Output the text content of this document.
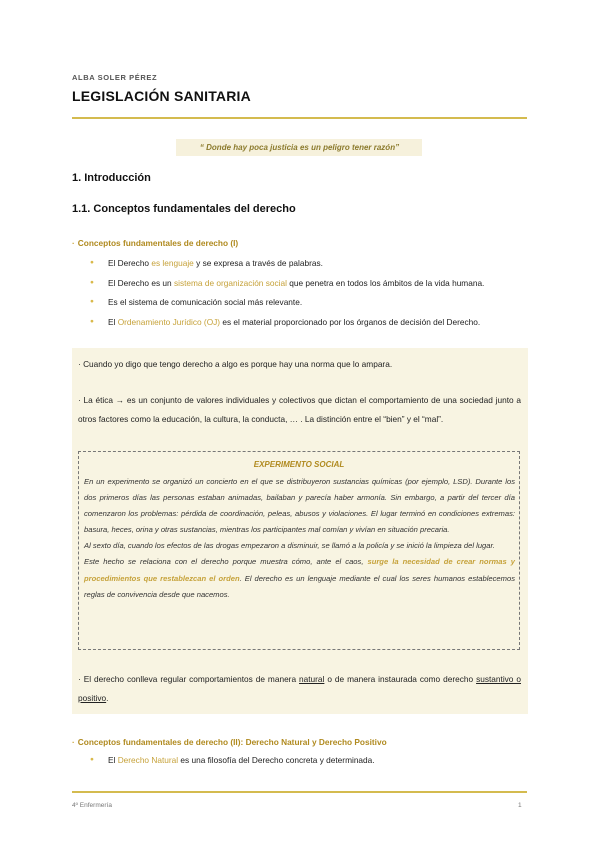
ALBA SOLER PÉREZ
LEGISLACIÓN SANITARIA
“ Donde hay poca justicia es un peligro tener razón”
1. Introducción
1.1. Conceptos fundamentales del derecho
· Conceptos fundamentales de derecho (I)
● El Derecho es lenguaje y se expresa a través de palabras.
● El Derecho es un sistema de organización social que penetra en todos los ámbitos de la vida humana.
● Es el sistema de comunicación social más relevante.
● El Ordenamiento Jurídico (OJ) es el material proporcionado por los órganos de decisión del Derecho.
· Cuando yo digo que tengo derecho a algo es porque hay una norma que lo ampara.
· La ética → es un conjunto de valores individuales y colectivos que dictan el comportamiento de una sociedad junto a otros factores como la educación, la cultura, la conducta, … . La distinción entre el “bien” y el “mal”.
EXPERIMENTO SOCIAL

En un experimento se organizó un concierto en el que se distribuyeron sustancias químicas (por ejemplo, LSD). Durante los dos primeros días las personas estaban animadas, bailaban y parecía haber armonía. Sin embargo, a partir del tercer día comenzaron los problemas: pérdida de coordinación, peleas, abusos y violaciones. El lugar terminó en condiciones extremas: basura, heces, orina y otras sustancias, mientras los participantes mal comían y vivían en situación precaria.

Al sexto día, cuando los efectos de las drogas empezaron a disminuir, se llamó a la policía y se inició la limpieza del lugar.

Este hecho se relaciona con el derecho porque muestra cómo, ante el caos, surge la necesidad de crear normas y procedimientos que restablezcan el orden. El derecho es un lenguaje mediante el cual los seres humanos establecemos reglas de convivencia desde que nacemos.

· El derecho conlleva regular comportamientos de manera natural o de manera instaurada como derecho sustantivo o positivo.
· Conceptos fundamentales de derecho (II): Derecho Natural y Derecho Positivo
● El Derecho Natural es una filosofía del Derecho concreta y determinada.
4º Enfermería	1
